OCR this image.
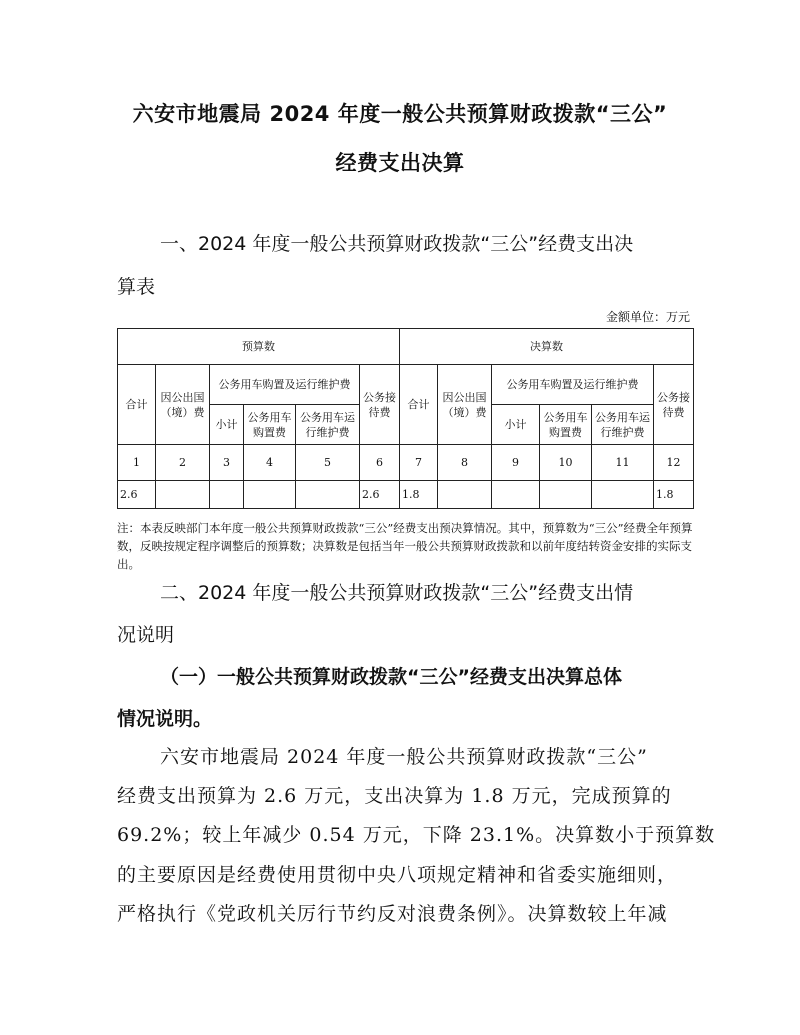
六安市地震局 2024 年度一般公共预算财政拨款“三公”
经费支出决算
一、2024 年度一般公共预算财政拨款“三公”经费支出决
算表
金额单位：万元
预算数						决算数					
合计	因公出国（境）费	公务用车购置及运行维护费			公务接待费	合计	因公出国（境）费	公务用车购置及运行维护费			公务接待费
		小计	公务用车购置费	公务用车运行维护费				小计	公务用车购置费	公务用车运行维护费	
1	2	3	4	5	6	7	8	9	10	11	12
2.6					2.6	1.8					1.8
注：本表反映部门本年度一般公共预算财政拨款“三公”经费支出预决算情况。其中，预算数为“三公”经费全年预算数，反映按规定程序调整后的预算数；决算数是包括当年一般公共预算财政拨款和以前年度结转资金安排的实际支出。
二、2024 年度一般公共预算财政拨款“三公”经费支出情
况说明
（一）一般公共预算财政拨款“三公”经费支出决算总体
情况说明。
六安市地震局 2024 年度一般公共预算财政拨款“三公”
经费支出预算为 2.6 万元，支出决算为 1.8 万元，完成预算的
69.2%；较上年减少 0.54 万元，下降 23.1%。决算数小于预算数
的主要原因是经费使用贯彻中央八项规定精神和省委实施细则，
严格执行《党政机关厉行节约反对浪费条例》。决算数较上年减
